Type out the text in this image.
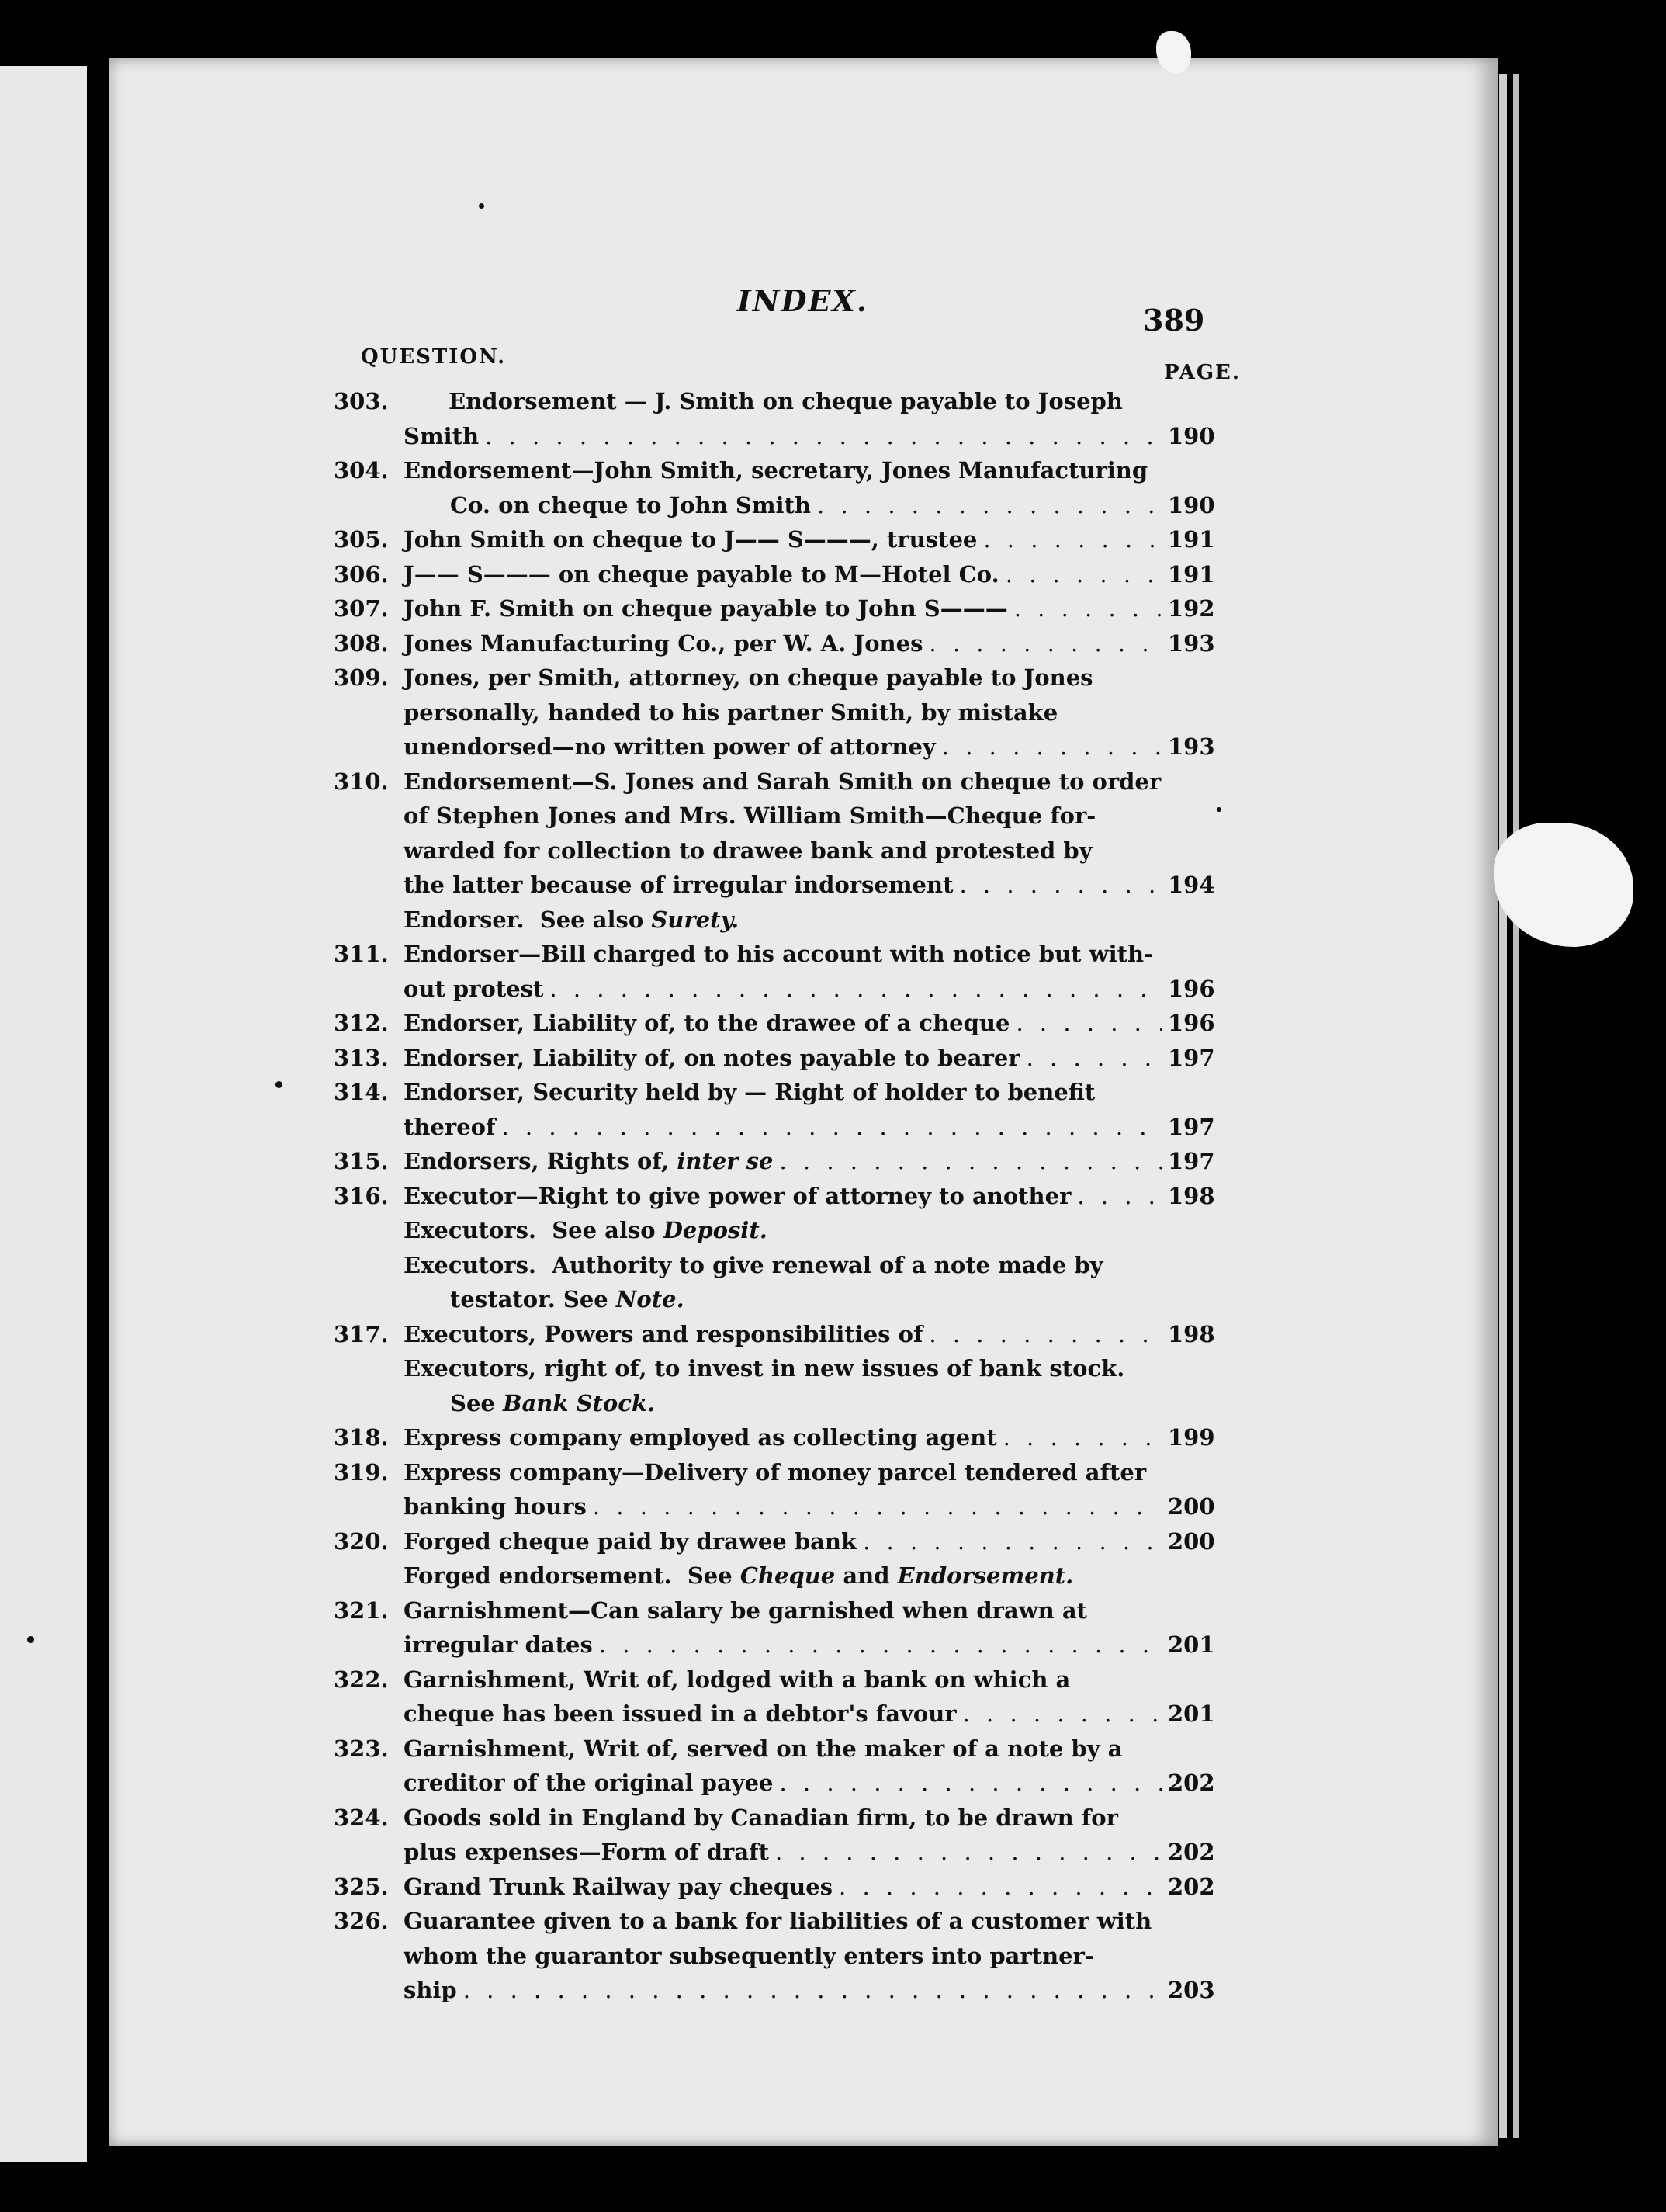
INDEX.
389
QUESTION.
PAGE.
303.	Endorsement — J. Smith on cheque payable to Joseph
Smith . . .	190
304. Endorsement—John Smith, secretary, Jones Manufacturing
Co. on cheque to John Smith . . .	190
305. John Smith on cheque to J—— S———, trustee . . .	191
306. J—— S——— on cheque payable to M—Hotel Co. . . .	191
307. John F. Smith on cheque payable to John S——— . . .	192
308. Jones Manufacturing Co., per W. A. Jones . . .	193
309. Jones, per Smith, attorney, on cheque payable to Jones
personally, handed to his partner Smith, by mistake
unendorsed—no written power of attorney . . .	193
310. Endorsement—S. Jones and Sarah Smith on cheque to order
of Stephen Jones and Mrs. William Smith—Cheque for-
warded for collection to drawee bank and protested by
the latter because of irregular indorsement . . .	194
Endorser.
See also
Surety.
311. Endorser—Bill charged to his account with notice but with-
out protest . . .	196
312. Endorser, Liability of, to the drawee of a cheque . . .	196
313. Endorser, Liability of, on notes payable to bearer . . .	197
314. Endorser, Security held by — Right of holder to benefit
thereof . . .	197
315. Endorsers, Rights of,
inter se . . .	197
316. Executor—Right to give power of attorney to another . . .	198
Executors.
See also
Deposit.
Executors.
Authority to give renewal of a note made by
testator. See
Note.
317. Executors, Powers and responsibilities of . . .	198
Executors, right of, to invest in new issues of bank stock.
See
Bank Stock.
318. Express company employed as collecting agent . . .	199
319. Express company—Delivery of money parcel tendered after
banking hours . . .	200
320. Forged cheque paid by drawee bank . . .	200
Forged endorsement.
See
Cheque
and
Endorsement.
321. Garnishment—Can salary be garnished when drawn at
irregular dates . . .	201
322. Garnishment, Writ of, lodged with a bank on which a
cheque has been issued in a debtor's favour . . .	201
323. Garnishment, Writ of, served on the maker of a note by a
creditor of the original payee . . .	202
324. Goods sold in England by Canadian firm, to be drawn for
plus expenses—Form of draft . . .	202
325. Grand Trunk Railway pay cheques . . .	202
326. Guarantee given to a bank for liabilities of a customer with
whom the guarantor subsequently enters into partner-
ship . . .	203
